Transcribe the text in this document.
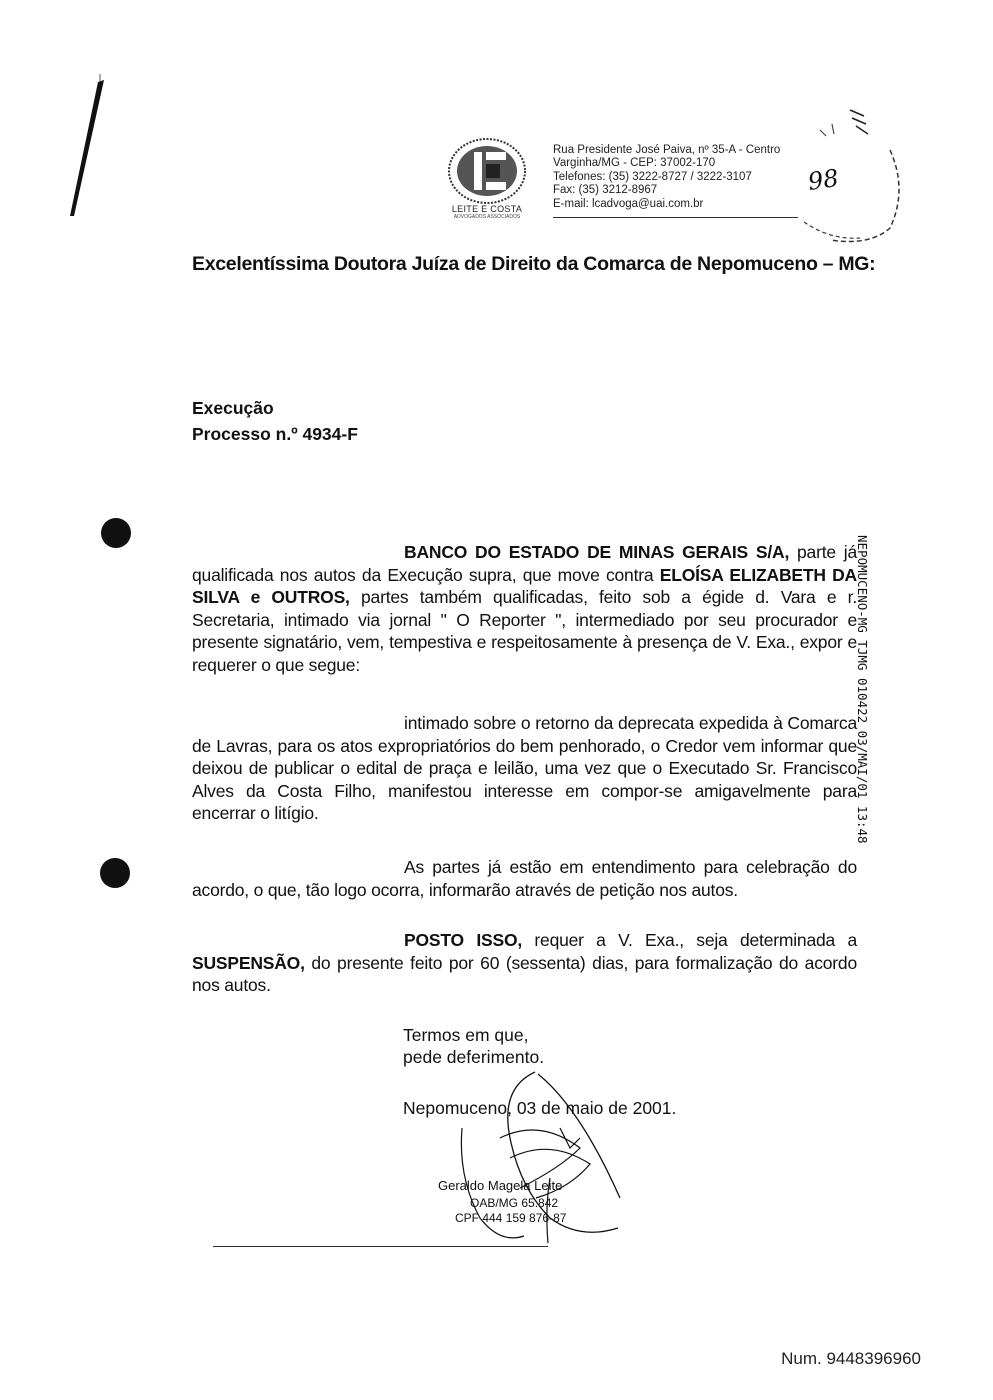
LEITE E COSTA
ADVOGADOS ASSOCIADOS
Rua Presidente José Paiva, nº 35-A - Centro
Varginha/MG - CEP: 37002-170
Telefones: (35) 3222-8727 / 3222-3107
Fax: (35) 3212-8967
E-mail: lcadvoga@uai.com.br
98
Excelentíssima Doutora Juíza de Direito da Comarca de Nepomuceno – MG:
Execução
Processo n.º 4934-F
BANCO DO ESTADO DE MINAS GERAIS S/A, parte já qualificada nos autos da Execução supra, que move contra ELOÍSA ELIZABETH DA SILVA e OUTROS, partes também qualificadas, feito sob a égide d. Vara e r. Secretaria, intimado via jornal " O Reporter ", intermediado por seu procurador e presente signatário, vem, tempestiva e respeitosamente à presença de V. Exa., expor e requerer o que segue:
intimado sobre o retorno da deprecata expedida à Comarca de Lavras, para os atos expropriatórios do bem penhorado, o Credor vem informar que deixou de publicar o edital de praça e leilão, uma vez que o Executado Sr. Francisco Alves da Costa Filho, manifestou interesse em compor-se amigavelmente para encerrar o litígio.
As partes já estão em entendimento para celebração do acordo, o que, tão logo ocorra, informarão através de petição nos autos.
POSTO ISSO, requer a V. Exa., seja determinada a SUSPENSÃO, do presente feito por 60 (sessenta) dias, para formalização do acordo nos autos.
Termos em que,
pede deferimento.
Nepomuceno, 03 de maio de 2001.
Geraldo Magela Leite
OAB/MG 65.842
CPF 444 159 876-87
NEPOMUCENO-MG TJMG 010422 03/MAI/01 13:48
Num. 9448396960
